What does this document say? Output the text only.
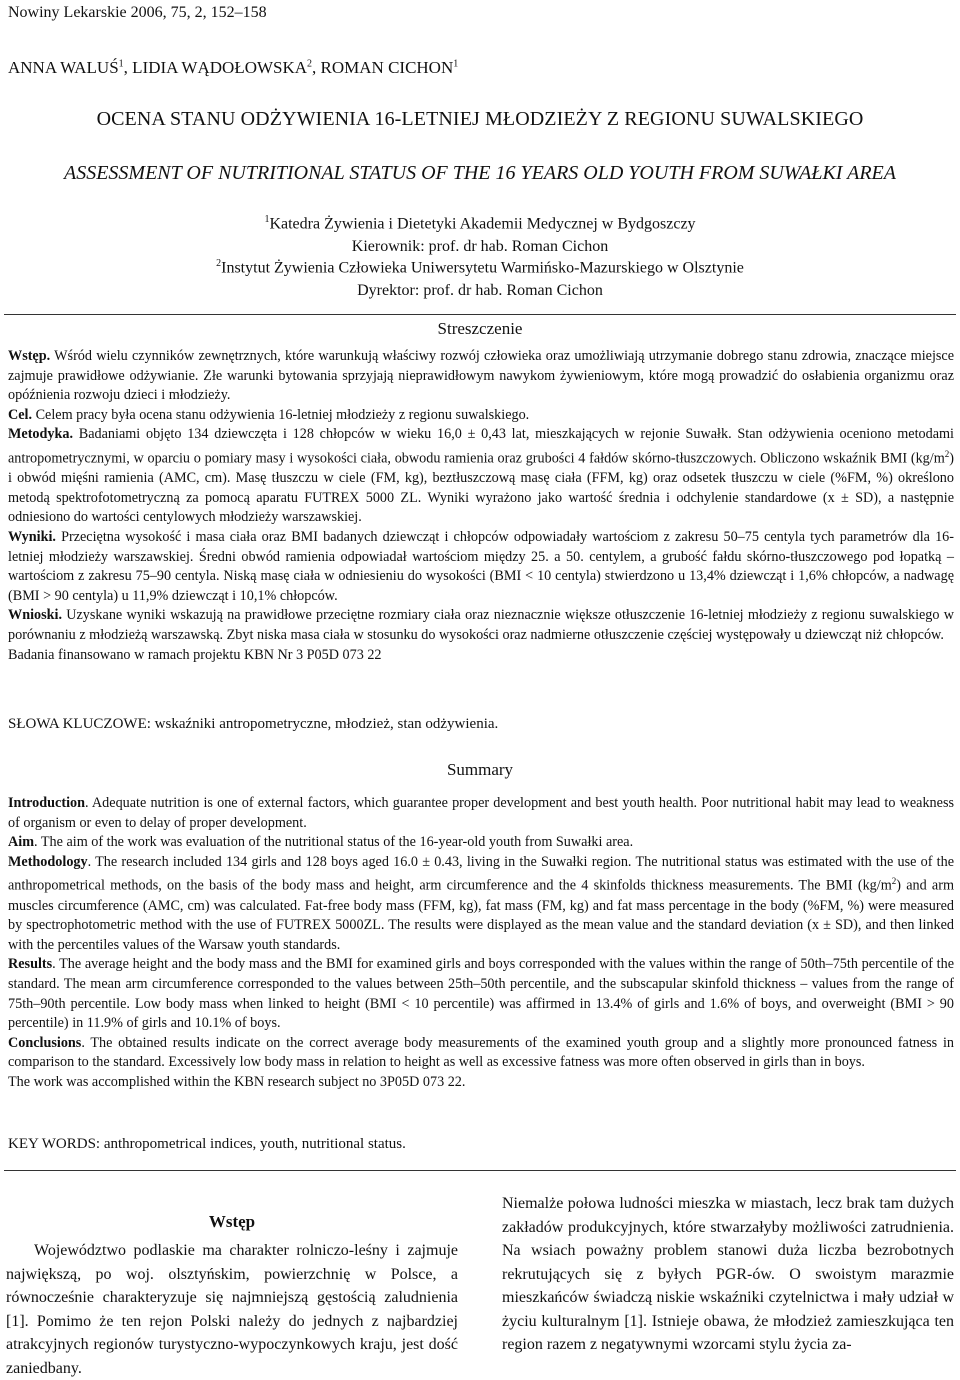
Nowiny Lekarskie 2006, 75, 2, 152–158
ANNA WALUŚ$^1$, LIDIA WĄDOŁOWSKA$^2$, ROMAN CICHON$^1$
OCENA STANU ODŻYWIENIA 16-LETNIEJ MŁODZIEŻY Z REGIONU SUWALSKIEGO
ASSESSMENT OF NUTRITIONAL STATUS OF THE 16 YEARS OLD YOUTH FROM SUWAŁKI AREA
$^1$Katedra Żywienia i Dietetyki Akademii Medycznej w Bydgoszczy
Kierownik: prof. dr hab. Roman Cichon
$^2$Instytut Żywienia Człowieka Uniwersytetu Warmińsko-Mazurskiego w Olsztynie
Dyrektor: prof. dr hab. Roman Cichon
Streszczenie

Wstęp. Wśród wielu czynników zewnętrznych, które warunkują właściwy rozwój człowieka oraz umożliwiają utrzymanie dobrego stanu zdrowia, znaczące miejsce zajmuje prawidłowe odżywianie. Złe warunki bytowania sprzyjają nieprawidłowym nawykom żywieniowym, które mogą prowadzić do osłabienia organizmu oraz opóźnienia rozwoju dzieci i młodzieży.

Cel. Celem pracy była ocena stanu odżywienia 16-letniej młodzieży z regionu suwalskiego.

Metodyka. Badaniami objęto 134 dziewczęta i 128 chłopców w wieku 16,0 ± 0,43 lat, mieszkających w rejonie Suwałk. Stan odżywienia oceniono metodami antropometrycznymi, w oparciu o pomiary masy i wysokości ciała, obwodu ramienia oraz grubości 4 fałdów skórno-tłuszczowych. Obliczono wskaźnik BMI $(kg/m^2)$ i obwód mięśni ramienia (AMC, cm). Masę tłuszczu w ciele (FM, kg), beztłuszczową masę ciała (FFM, kg) oraz odsetek tłuszczu w ciele (%FM, %) określono metodą spektrofotometryczną za pomocą aparatu FUTREX 5000 ZL. Wyniki wyrażono jako wartość średnia i odchylenie standardowe (x ± SD), a następnie odniesiono do wartości centylowych młodzieży warszawskiej.

Wyniki. Przeciętna wysokość i masa ciała oraz BMI badanych dziewcząt i chłopców odpowiadały wartościom z zakresu 50–75 centyla tych parametrów dla 16-letniej młodzieży warszawskiej. Średni obwód ramienia odpowiadał wartościom między 25. a 50. centylem, a grubość fałdu skórno-tłuszczowego pod łopatką – wartościom z zakresu 75–90 centyla. Niską masę ciała w odniesieniu do wysokości (BMI < 10 centyla) stwierdzono u 13,4% dziewcząt i 1,6% chłopców, a nadwagę (BMI > 90 centyla) u 11,9% dziewcząt i 10,1% chłopców.

Wnioski. Uzyskane wyniki wskazują na prawidłowe przeciętne rozmiary ciała oraz nieznacznie większe otłuszczenie 16-letniej młodzieży z regionu suwalskiego w porównaniu z młodzieżą warszawską. Zbyt niska masa ciała w stosunku do wysokości oraz nadmierne otłuszczenie częściej występowały u dziewcząt niż chłopców.

Badania finansowano w ramach projektu KBN Nr 3 P05D 073 22

SŁOWA KLUCZOWE: wskaźniki antropometryczne, młodzież, stan odżywienia.
Summary

Introduction. Adequate nutrition is one of external factors, which guarantee proper development and best youth health. Poor nutritional habit may lead to weakness of organism or even to delay of proper development.

Aim. The aim of the work was evaluation of the nutritional status of the 16-year-old youth from Suwałki area.

Methodology. The research included 134 girls and 128 boys aged 16.0 ± 0.43, living in the Suwałki region. The nutritional status was estimated with the use of the anthropometrical methods, on the basis of the body mass and height, arm circumference and the 4 skinfolds thickness measurements. The BMI $(kg/m^2)$ and arm muscles circumference (AMC, cm) was calculated. Fat-free body mass (FFM, kg), fat mass (FM, kg) and fat mass percentage in the body (%FM, %) were measured by spectrophotometric method with the use of FUTREX 5000ZL. The results were displayed as the mean value and the standard deviation (x ± SD), and then linked with the percentiles values of the Warsaw youth standards.

Results. The average height and the body mass and the BMI for examined girls and boys corresponded with the values within the range of 50th–75th percentile of the standard. The mean arm circumference corresponded to the values between 25th–50th percentile, and the subscapular skinfold thickness – values from the range of 75th–90th percentile. Low body mass when linked to height (BMI < 10 percentile) was affirmed in 13.4% of girls and 1.6% of boys, and overweight (BMI > 90 percentile) in 11.9% of girls and 10.1% of boys.

Conclusions. The obtained results indicate on the correct average body measurements of the examined youth group and a slightly more pronounced fatness in comparison to the standard. Excessively low body mass in relation to height as well as excessive fatness was more often observed in girls than in boys.

The work was accomplished within the KBN research subject no 3P05D 073 22.

KEY WORDS: anthropometrical indices, youth, nutritional status.
Wstęp

Województwo podlaskie ma charakter rolniczo-leśny i zajmuje największą, po woj. olsztyńskim, powierzchnię w Polsce, a równocześnie charakteryzuje się najmniejszą gęstością zaludnienia [1]. Pomimo że ten rejon Polski należy do jednych z najbardziej atrakcyjnych regionów turystyczno-wypoczynkowych kraju, jest dość zaniedbany.

Niemalże połowa ludności mieszka w miastach, lecz brak tam dużych zakładów produkcyjnych, które stwarzałyby możliwości zatrudnienia. Na wsiach poważny problem stanowi duża liczba bezrobotnych rekrutujących się z byłych PGR-ów. O swoistym marazmie mieszkańców świadczą niskie wskaźniki czytelnictwa i mały udział w życiu kulturalnym [1]. Istnieje obawa, że młodzież zamieszkująca ten region razem z negatywnymi wzorcami stylu życia za-
